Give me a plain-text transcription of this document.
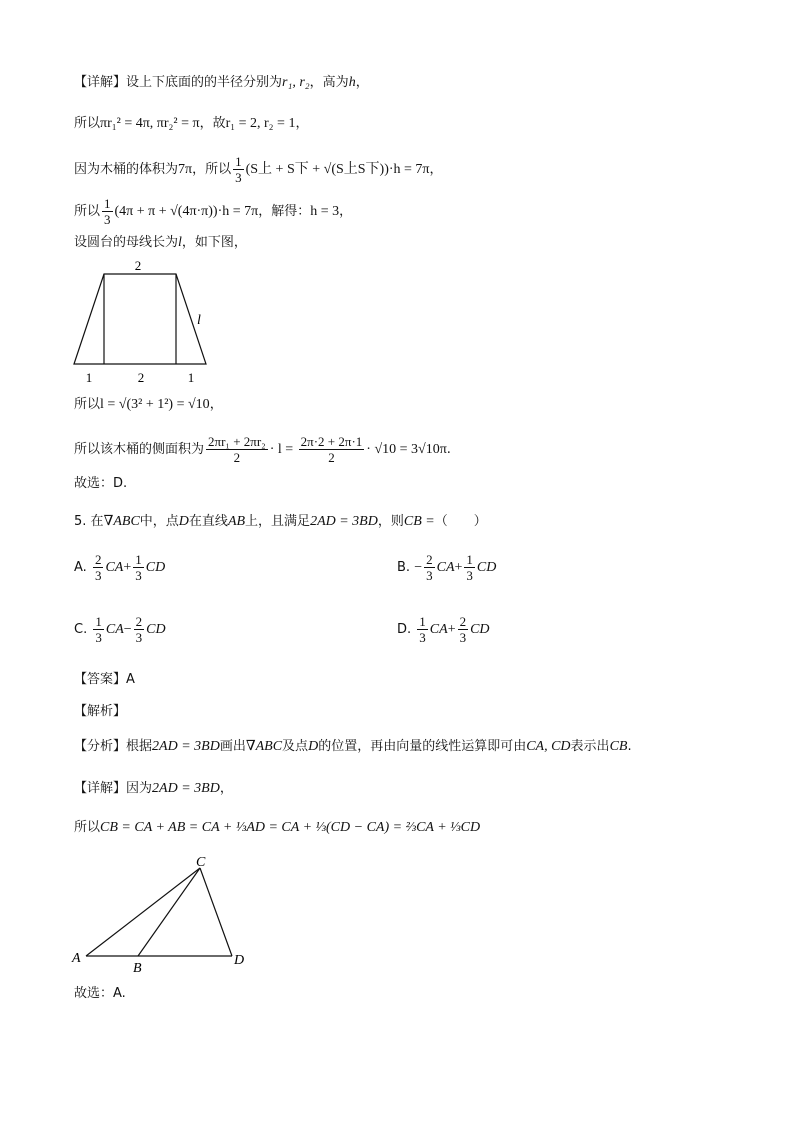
【详解】设上下底面的的半径分别为r₁, r₂，高为h，
所以πr₁² = 4π, πr₂² = π，故r₁ = 2, r₂ = 1，
因为木桶的体积为7π，所以 $\frac{1}{3} (S$上 + S下 + √(S上S下))·h = 7π，
所以 $\frac{1}{3} (4\pi + \pi + √(4\pi\cdot\pi))\cdot h = 7\pi$，解得：h = 3，
设圆台的母线长为l，如下图，
2
l
1	2	1
所以l = √(3² + 1²) = √10，
所以该木桶的侧面积为 $\frac{\text{2πr₁ + 2πr₂}}{2} \cdot l = \frac{2\pi\cdot 2 + 2\pi\cdot 1}{2} \cdot √10 = 3√10\pi$.
故选：D.
5. 在∇ABC中，点D在直线AB上，且满足2AD = 3BD，则CB =（　　）
A. $\frac{2}{3} CA+ \frac{1}{3}$ CD	B. − $\frac{2}{3} CA+ \frac{1}{3}$ CD
C. $\frac{1}{3} CA- \frac{2}{3}$ CD	D. $\frac{1}{3} CA+ \frac{2}{3}$ CD
【答案】A
【解析】
【分析】根据2AD = 3BD画出∇ABC及点D的位置，再由向量的线性运算即可由CA, CD表示出CB.
【详解】因为2AD = 3BD，
所以CB = CA + AB = CA + ⅓AD = CA + ⅓(CD − CA) = ⅔CA + ⅓CD
C
A
B
D
故选：A.
